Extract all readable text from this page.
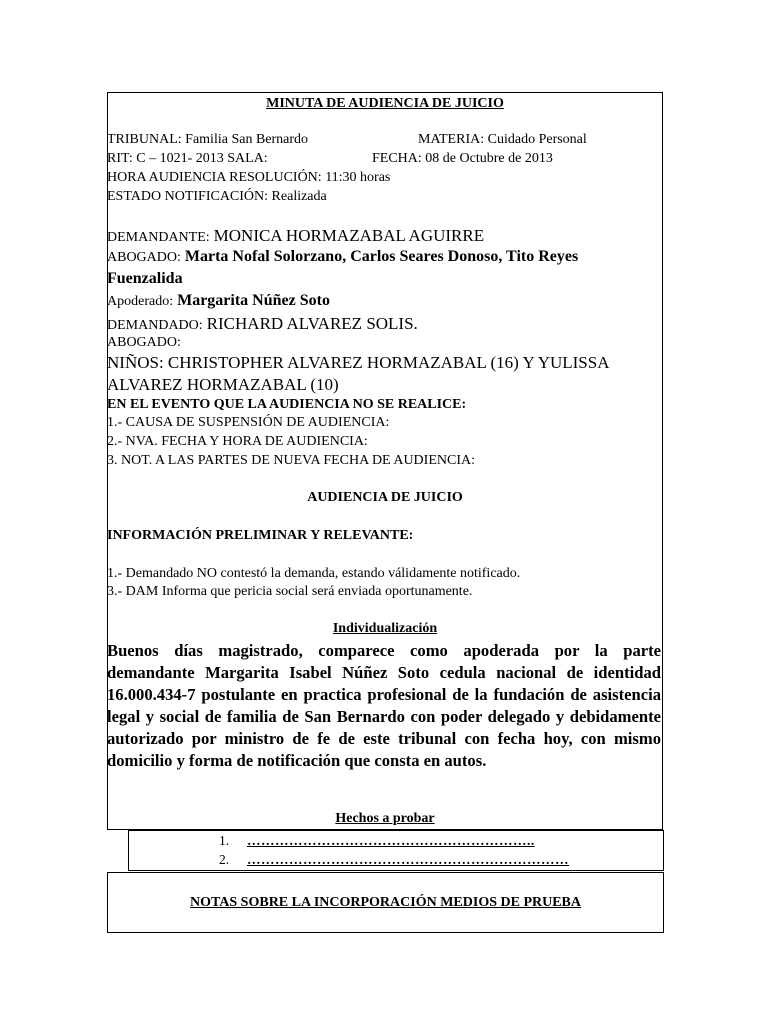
MINUTA DE AUDIENCIA DE JUICIO
TRIBUNAL: Familia San Bernardo	MATERIA: Cuidado Personal
RIT: C – 1021- 2013 SALA:	FECHA: 08 de Octubre de 2013
HORA AUDIENCIA RESOLUCIÓN: 11:30 horas
ESTADO NOTIFICACIÓN: Realizada
DEMANDANTE: MONICA HORMAZABAL AGUIRRE
ABOGADO: Marta Nofal Solorzano, Carlos Seares Donoso, Tito Reyes
Fuenzalida
Apoderado: Margarita Núñez Soto
DEMANDADO: RICHARD ALVAREZ SOLIS.
ABOGADO:
NIÑOS: CHRISTOPHER ALVAREZ HORMAZABAL (16) Y YULISSA
ALVAREZ HORMAZABAL (10)
EN EL EVENTO QUE LA AUDIENCIA NO SE REALICE:
1.- CAUSA DE SUSPENSIÓN DE AUDIENCIA:
2.- NVA. FECHA Y HORA DE AUDIENCIA:
3. NOT. A LAS PARTES DE NUEVA FECHA DE AUDIENCIA:
AUDIENCIA DE JUICIO
INFORMACIÓN PRELIMINAR Y RELEVANTE:
1.- Demandado NO contestó la demanda, estando válidamente notificado.
3.- DAM Informa que pericia social será enviada oportunamente.
Individualización
Buenos días magistrado, comparece como apoderada por la parte demandante Margarita Isabel Núñez Soto cedula nacional de identidad 16.000.434-7 postulante en practica profesional de la fundación de asistencia legal y social de familia de San Bernardo con poder delegado y debidamente autorizado por ministro de fe de este tribunal con fecha hoy, con mismo domicilio y forma de notificación que consta en autos.
Hechos a probar
1. ……………………………………………………..
2. ……………………………………………………………
NOTAS SOBRE LA INCORPORACIÓN MEDIOS DE PRUEBA
